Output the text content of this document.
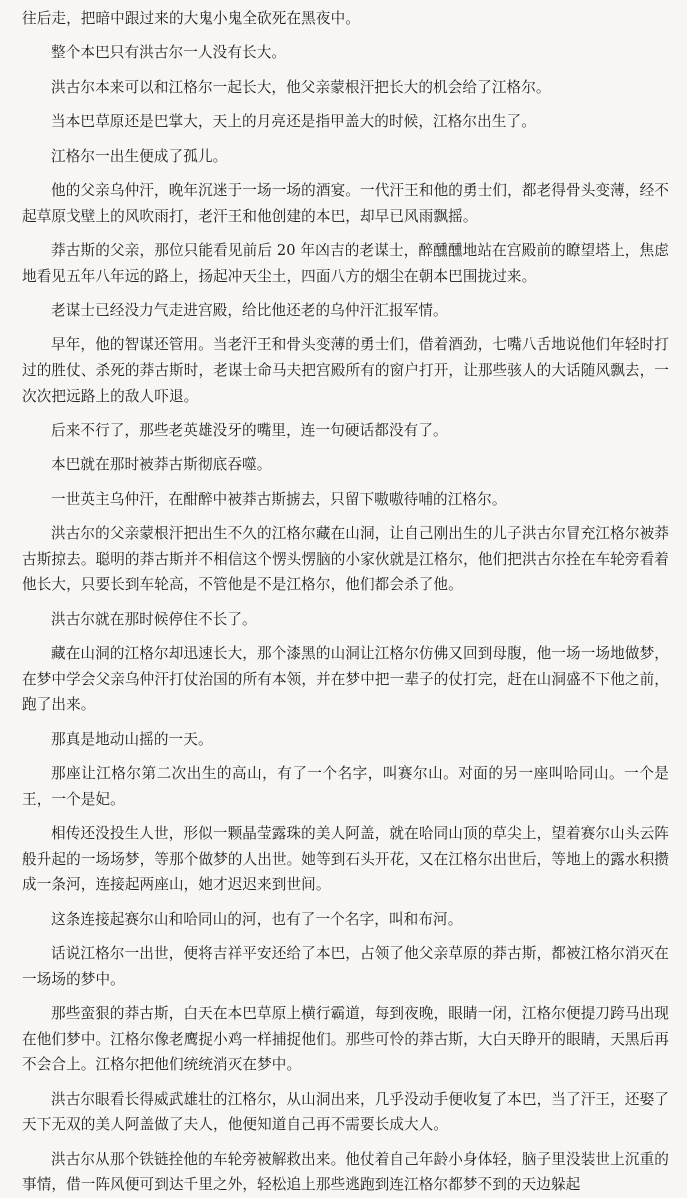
往后走，把暗中跟过来的大鬼小鬼全砍死在黑夜中。

整个本巴只有洪古尔一人没有长大。

洪古尔本来可以和江格尔一起长大，他父亲蒙根汗把长大的机会给了江格尔。

当本巴草原还是巴掌大，天上的月亮还是指甲盖大的时候，江格尔出生了。

江格尔一出生便成了孤儿。

他的父亲乌仲汗，晚年沉迷于一场一场的酒宴。一代汗王和他的勇士们，都老得骨头变薄，经不起草原戈壁上的风吹雨打，老汗王和他创建的本巴，却早已风雨飘摇。

莽古斯的父亲，那位只能看见前后 20 年凶吉的老谋士，醉醺醺地站在宫殿前的瞭望塔上，焦虑地看见五年八年远的路上，扬起冲天尘土，四面八方的烟尘在朝本巴围拢过来。

老谋士已经没力气走进宫殿，给比他还老的乌仲汗汇报军情。

早年，他的智谋还管用。当老汗王和骨头变薄的勇士们，借着酒劲，七嘴八舌地说他们年轻时打过的胜仗、杀死的莽古斯时，老谋士命马夫把宫殿所有的窗户打开，让那些骇人的大话随风飘去，一次次把远路上的敌人吓退。

后来不行了，那些老英雄没牙的嘴里，连一句硬话都没有了。

本巴就在那时被莽古斯彻底吞噬。

一世英主乌仲汗，在酣醉中被莽古斯掳去，只留下嗷嗷待哺的江格尔。

洪古尔的父亲蒙根汗把出生不久的江格尔藏在山洞，让自己刚出生的儿子洪古尔冒充江格尔被莽古斯掠去。聪明的莽古斯并不相信这个愣头愣脑的小家伙就是江格尔，他们把洪古尔拴在车轮旁看着他长大，只要长到车轮高，不管他是不是江格尔，他们都会杀了他。

洪古尔就在那时候停住不长了。

藏在山洞的江格尔却迅速长大，那个漆黑的山洞让江格尔仿佛又回到母腹，他一场一场地做梦，在梦中学会父亲乌仲汗打仗治国的所有本领，并在梦中把一辈子的仗打完，赶在山洞盛不下他之前，跑了出来。

那真是地动山摇的一天。

那座让江格尔第二次出生的高山，有了一个名字，叫赛尔山。对面的另一座叫哈同山。一个是王，一个是妃。

相传还没投生人世，形似一颗晶莹露珠的美人阿盖，就在哈同山顶的草尖上，望着赛尔山头云阵般升起的一场场梦，等那个做梦的人出世。她等到石头开花，又在江格尔出世后，等地上的露水积攒成一条河，连接起两座山，她才迟迟来到世间。

这条连接起赛尔山和哈同山的河，也有了一个名字，叫和布河。

话说江格尔一出世，便将吉祥平安还给了本巴，占领了他父亲草原的莽古斯，都被江格尔消灭在一场场的梦中。

那些蛮狠的莽古斯，白天在本巴草原上横行霸道，每到夜晚，眼睛一闭，江格尔便提刀跨马出现在他们梦中。江格尔像老鹰捉小鸡一样捕捉他们。那些可怜的莽古斯，大白天睁开的眼睛，天黑后再不会合上。江格尔把他们统统消灭在梦中。

洪古尔眼看长得威武雄壮的江格尔，从山洞出来，几乎没动手便收复了本巴，当了汗王，还娶了天下无双的美人阿盖做了夫人，他便知道自己再不需要长成大人。

洪古尔从那个铁链拴他的车轮旁被解救出来。他仗着自己年龄小身体轻，脑子里没装世上沉重的事情，借一阵风便可到达千里之外，轻松追上那些逃跑到连江格尔都梦不到的天边躲起
